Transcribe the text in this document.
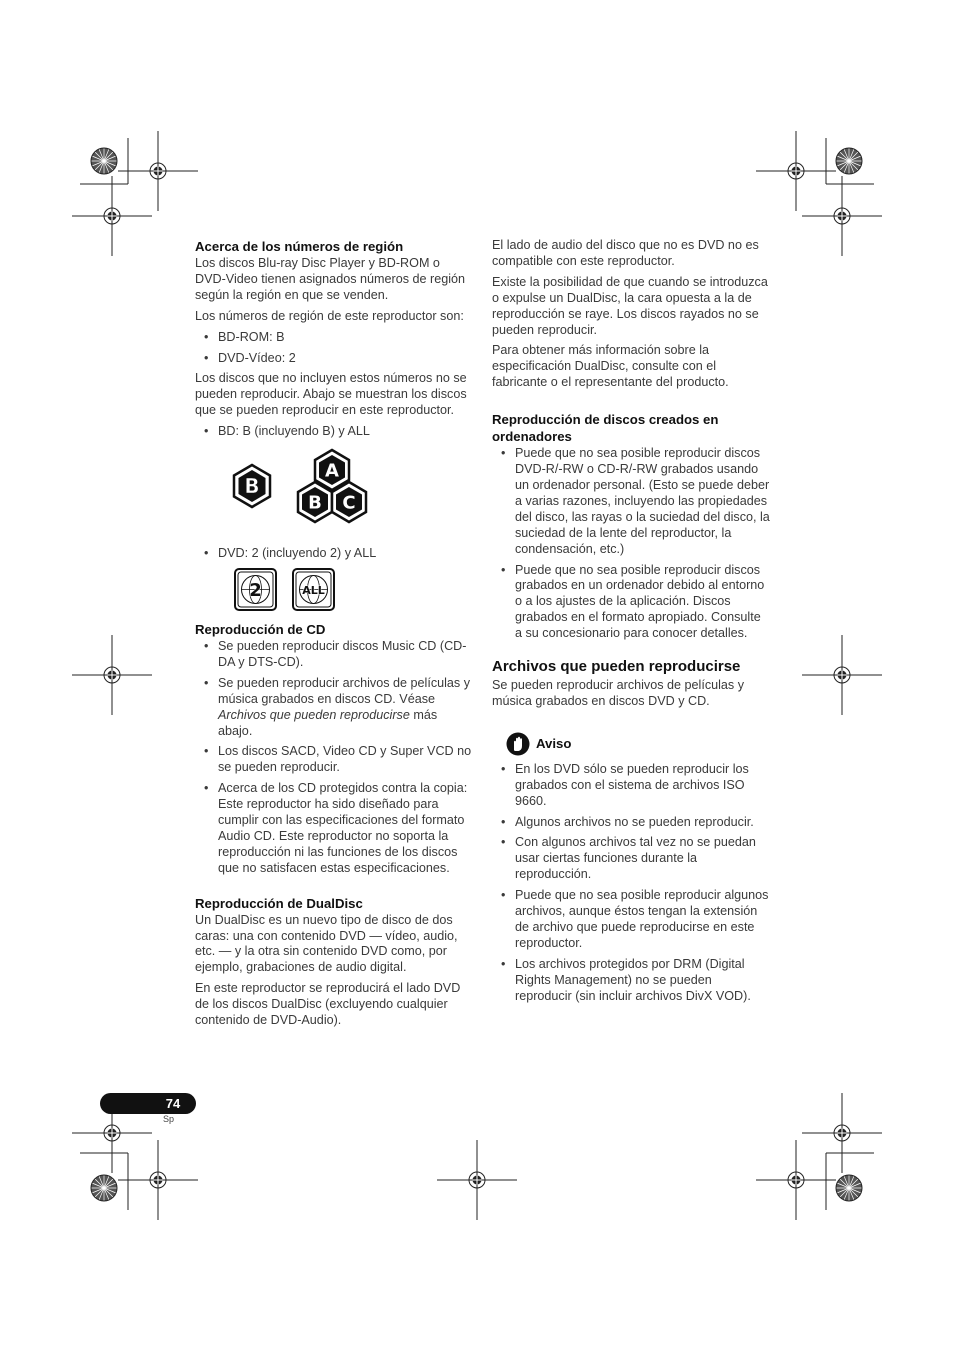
Acerca de los números de región

Los discos Blu-ray Disc Player y BD-ROM o DVD-Video tienen asignados números de región según la región en que se venden.

Los números de región de este reproductor son:

• BD-ROM: B
• DVD-Vídeo: 2

Los discos que no incluyen estos números no se pueden reproducir. Abajo se muestran los discos que se pueden reproducir en este reproductor.

• BD: B (incluyendo B) y ALL
B
A
B C
• DVD: 2 (incluyendo 2) y ALL
2	ALL
Reproducción de CD
• Se pueden reproducir discos Music CD (CD-DA y DTS-CD).
• Se pueden reproducir archivos de películas y música grabados en discos CD. Véase Archivos que pueden reproducirse más abajo.
• Los discos SACD, Video CD y Super VCD no se pueden reproducir.
• Acerca de los CD protegidos contra la copia: Este reproductor ha sido diseñado para cumplir con las especificaciones del formato Audio CD. Este reproductor no soporta la reproducción ni las funciones de los discos que no satisfacen estas especificaciones.
Reproducción de DualDisc

Un DualDisc es un nuevo tipo de disco de dos caras: una con contenido DVD — vídeo, audio, etc. — y la otra sin contenido DVD como, por ejemplo, grabaciones de audio digital.

En este reproductor se reproducirá el lado DVD de los discos DualDisc (excluyendo cualquier contenido de DVD-Audio).

El lado de audio del disco que no es DVD no es compatible con este reproductor.

Existe la posibilidad de que cuando se introduzca o expulse un DualDisc, la cara opuesta a la de reproducción se raye. Los discos rayados no se pueden reproducir.

Para obtener más información sobre la especificación DualDisc, consulte con el fabricante o el representante del producto.

Reproducción de discos creados en ordenadores
• Puede que no sea posible reproducir discos DVD-R/-RW o CD-R/-RW grabados usando un ordenador personal. (Esto se puede deber a varias razones, incluyendo las propiedades del disco, las rayas o la suciedad del disco, la suciedad de la lente del reproductor, la condensación, etc.)
• Puede que no sea posible reproducir discos grabados en un ordenador debido al entorno o a los ajustes de la aplicación. Discos grabados en el formato apropiado. Consulte a su concesionario para conocer detalles.
Archivos que pueden reproducirse

Se pueden reproducir archivos de películas y música grabados en discos DVD y CD.

Aviso
• En los DVD sólo se pueden reproducir los grabados con el sistema de archivos ISO 9660.
• Algunos archivos no se pueden reproducir.
• Con algunos archivos tal vez no se puedan usar ciertas funciones durante la reproducción.
• Puede que no sea posible reproducir algunos archivos, aunque éstos tengan la extensión de archivo que puede reproducirse en este reproductor.
• Los archivos protegidos por DRM (Digital Rights Management) no se pueden reproducir (sin incluir archivos DivX VOD).
74
Sp
